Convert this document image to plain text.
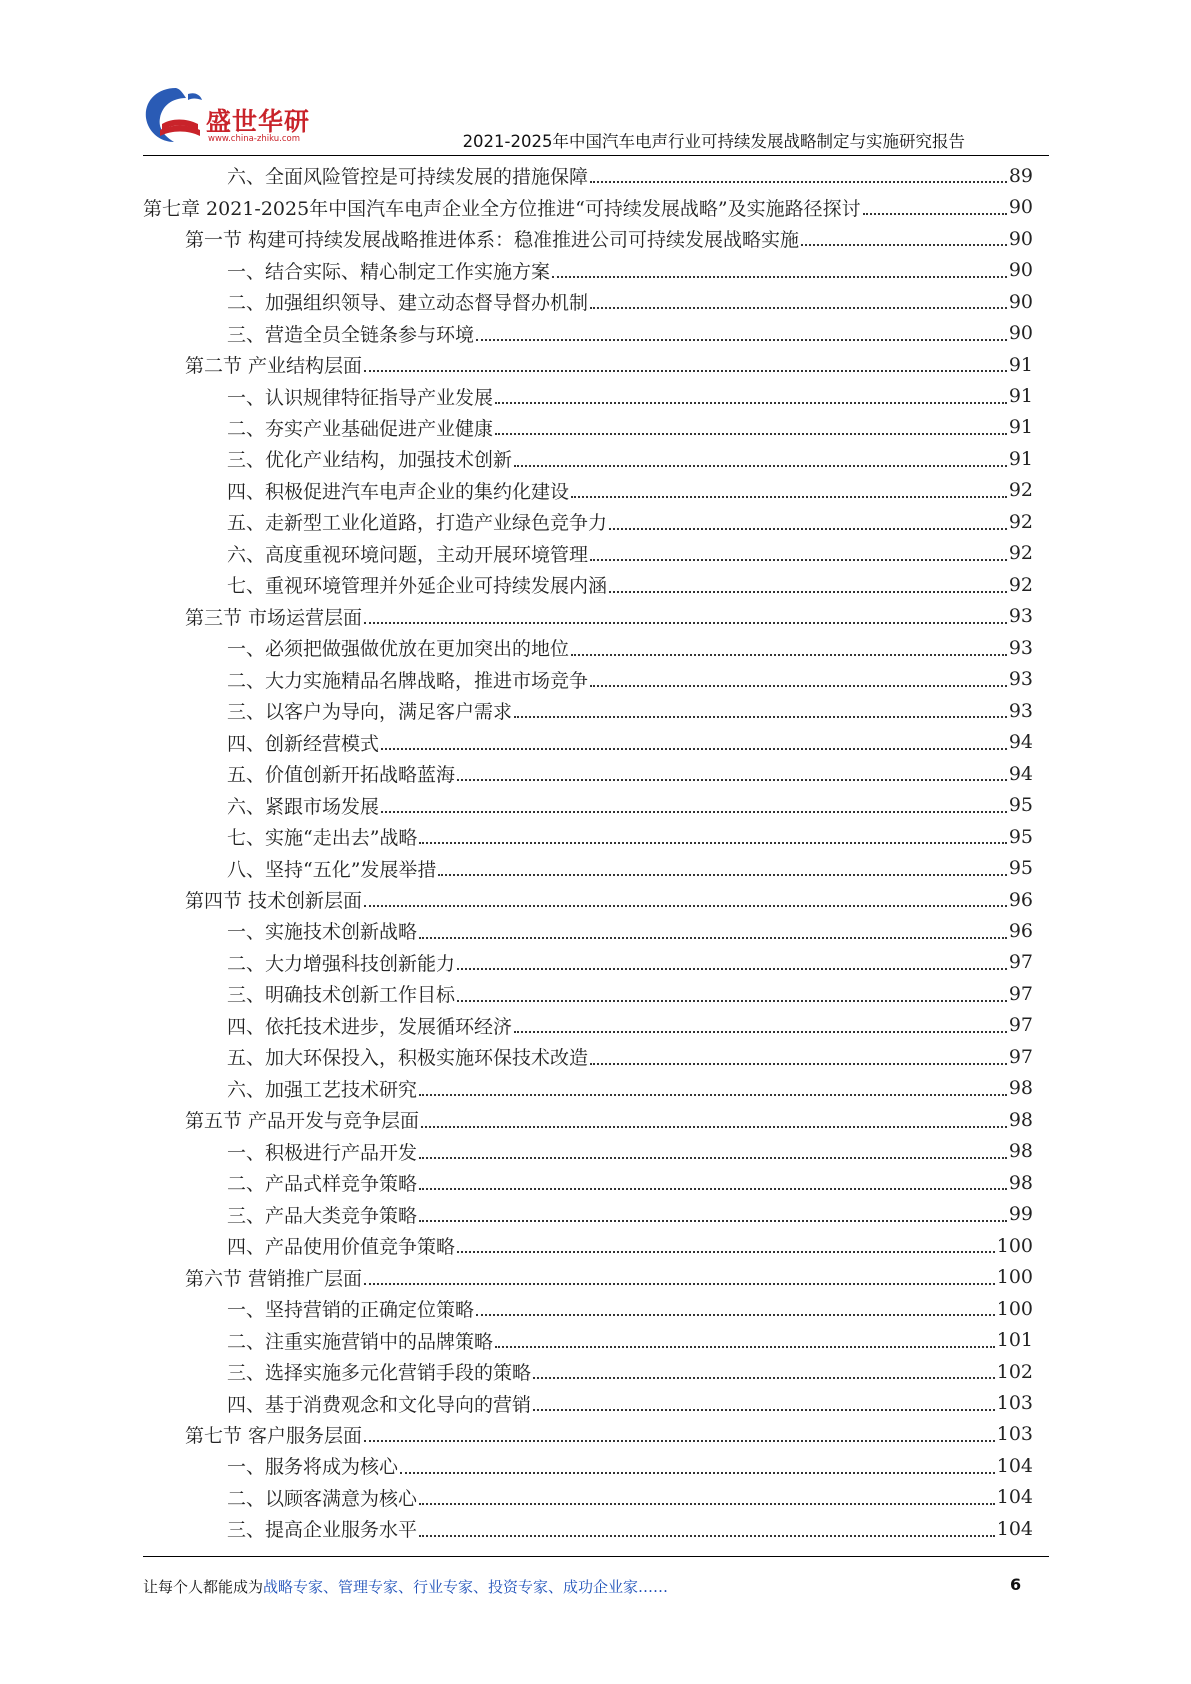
盛世华研
www.china-zhiku.com	2021-2025年中国汽车电声行业可持续发展战略制定与实施研究报告
六、全面风险管控是可持续发展的措施保障	89
第七章 2021-2025年中国汽车电声企业全方位推进“可持续发展战略”及实施路径探讨	90
第一节 构建可持续发展战略推进体系：稳准推进公司可持续发展战略实施	90
一、结合实际、精心制定工作实施方案	90
二、加强组织领导、建立动态督导督办机制	90
三、营造全员全链条参与环境	90
第二节 产业结构层面	91
一、认识规律特征指导产业发展	91
二、夯实产业基础促进产业健康	91
三、优化产业结构，加强技术创新	91
四、积极促进汽车电声企业的集约化建设	92
五、走新型工业化道路，打造产业绿色竞争力	92
六、高度重视环境问题，主动开展环境管理	92
七、重视环境管理并外延企业可持续发展内涵	92
第三节 市场运营层面	93
一、必须把做强做优放在更加突出的地位	93
二、大力实施精品名牌战略，推进市场竞争	93
三、以客户为导向，满足客户需求	93
四、创新经营模式	94
五、价值创新开拓战略蓝海	94
六、紧跟市场发展	95
七、实施“走出去”战略	95
八、坚持“五化”发展举措	95
第四节 技术创新层面	96
一、实施技术创新战略	96
二、大力增强科技创新能力	97
三、明确技术创新工作目标	97
四、依托技术进步，发展循环经济	97
五、加大环保投入，积极实施环保技术改造	97
六、加强工艺技术研究	98
第五节 产品开发与竞争层面	98
一、积极进行产品开发	98
二、产品式样竞争策略	98
三、产品大类竞争策略	99
四、产品使用价值竞争策略	100
第六节 营销推广层面	100
一、坚持营销的正确定位策略	100
二、注重实施营销中的品牌策略	101
三、选择实施多元化营销手段的策略	102
四、基于消费观念和文化导向的营销	103
第七节 客户服务层面	103
一、服务将成为核心	104
二、以顾客满意为核心	104
三、提高企业服务水平	104
让每个人都能成为战略专家、管理专家、行业专家、投资专家、成功企业家……	6
